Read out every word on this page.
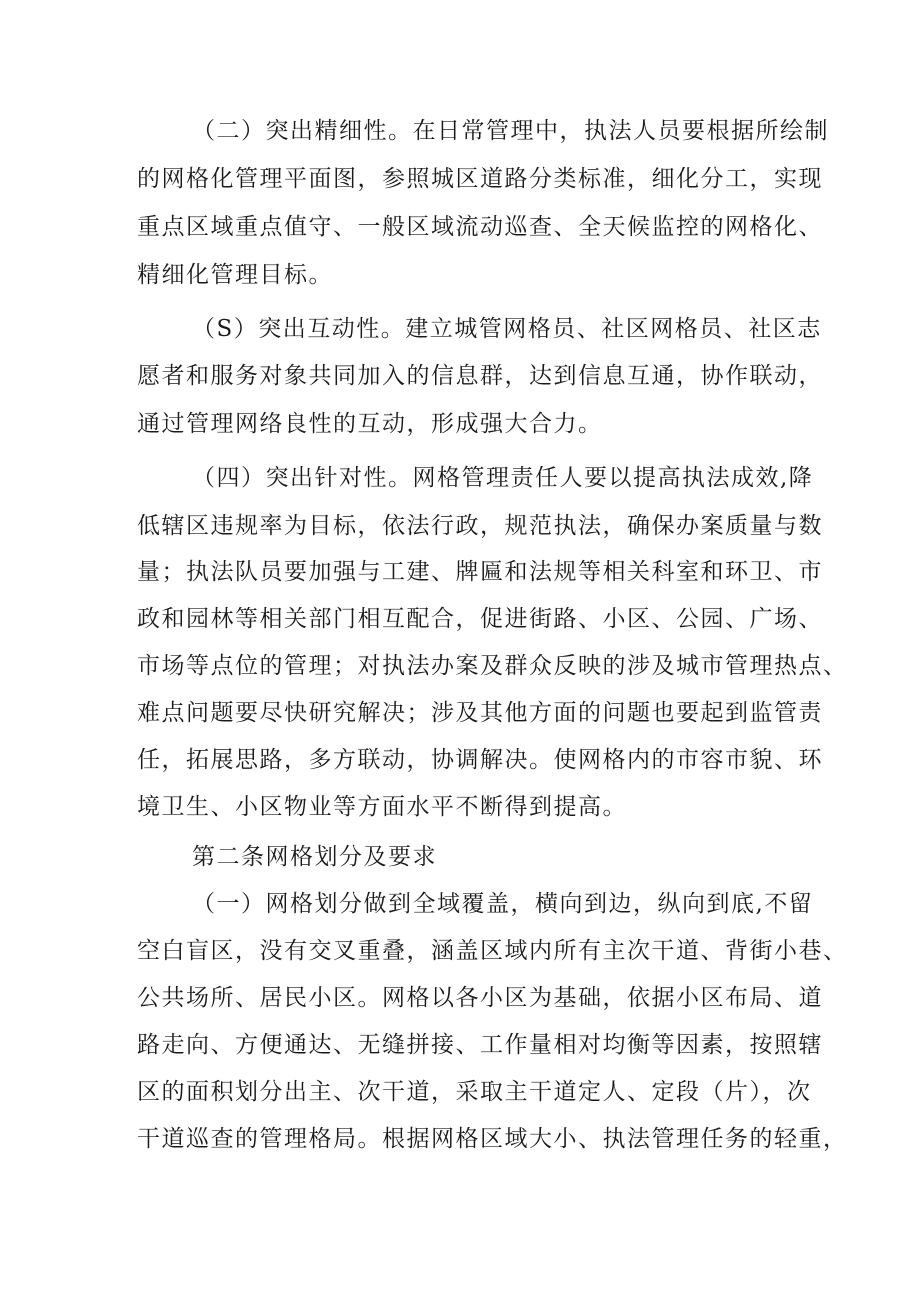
（二）突出精细性。在日常管理中，执法人员要根据所绘制
的网格化管理平面图，参照城区道路分类标准，细化分工，实现
重点区域重点值守、一般区域流动巡查、全天候监控的网格化、
精细化管理目标。
（S）突出互动性。建立城管网格员、社区网格员、社区志
愿者和服务对象共同加入的信息群，达到信息互通，协作联动，
通过管理网络良性的互动，形成强大合力。
（四）突出针对性。网格管理责任人要以提高执法成效,降
低辖区违规率为目标，依法行政，规范执法，确保办案质量与数
量；执法队员要加强与工建、牌匾和法规等相关科室和环卫、市
政和园林等相关部门相互配合，促进街路、小区、公园、广场、
市场等点位的管理；对执法办案及群众反映的涉及城市管理热点、
难点问题要尽快研究解决；涉及其他方面的问题也要起到监管责
任，拓展思路，多方联动，协调解决。使网格内的市容市貌、环
境卫生、小区物业等方面水平不断得到提高。
第二条网格划分及要求
（一）网格划分做到全域覆盖，横向到边，纵向到底,不留
空白盲区，没有交叉重叠，涵盖区域内所有主次干道、背街小巷、
公共场所、居民小区。网格以各小区为基础，依据小区布局、道
路走向、方便通达、无缝拼接、工作量相对均衡等因素，按照辖
区的面积划分出主、次干道，采取主干道定人、定段（片），次
干道巡查的管理格局。根据网格区域大小、执法管理任务的轻重，
